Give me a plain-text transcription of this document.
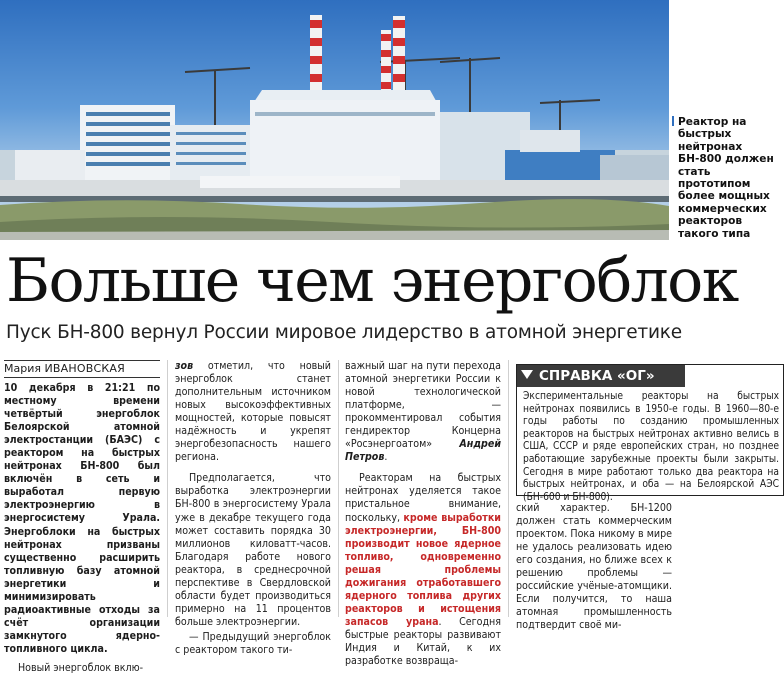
Реактор на быстрых нейтронах БН-800 должен стать прототипом более мощных коммерческих реакторов такого типа
Больше чем энергоблок
Пуск БН-800 вернул России мировое лидерство в атомной энергетике
Мария ИВАНОВСКАЯ

10 декабря в 21:21 по местному времени четвёртый энергоблок Белоярской атомной электростанции (БАЭС) с реактором на быстрых нейтронах БН-800 был включён в сеть и выработал первую электроэнергию в энергосистему Урала. Энергоблоки на быстрых нейтронах призваны существенно расширить топливную базу атомной энергетики и минимизировать радиоактивные отходы за счёт организации замкнутого ядерно-топливного цикла.

Новый энергоблок вклю-

зов отметил, что новый энергоблок станет дополнительным источником новых высокоэффективных мощностей, которые повысят надёжность и укрепят энергобезопасность нашего региона.

Предполагается, что выработка электроэнергии БН-800 в энергосистему Урала уже в декабре текущего года может составить порядка 30 миллионов киловатт-часов. Благодаря работе нового реактора, в среднесрочной перспективе в Свердловской области будет производиться примерно на 11 процентов больше электроэнергии.

— Предыдущий энергоблок с реактором такого ти-

важный шаг на пути перехода атомной энергетики России к новой технологической платформе, — прокомментировал события гендиректор Концерна «Росэнергоатом» Андрей Петров.

Реакторам на быстрых нейтронах уделяется такое пристальное внимание, поскольку, кроме выработки электроэнергии, БН-800 производит новое ядерное топливо, одновременно решая проблемы дожигания отработавшего ядерного топлива других реакторов и истощения запасов урана. Сегодня быстрые реакторы развивают Индия и Китай, к их разработке возвраща-

СПРАВКА «ОГ»
Экспериментальные реакторы на быстрых нейтронах появились в 1950-е годы. В 1960—80-е годы работы по созданию промышленных реакторов на быстрых нейтронах активно велись в США, СССР и ряде европейских стран, но позднее работающие зарубежные проекты были закрыты. Сегодня в мире работают только два реактора на быстрых нейтронах, и оба — на Белоярской АЭС (БН-600 и БН-800).

ский характер. БН-1200 должен стать коммерческим проектом. Пока никому в мире не удалось реализовать идею его создания, но ближе всех к решению проблемы — российские учёные-атомщики. Если получится, то наша атомная промышленность подтвердит своё ми-
